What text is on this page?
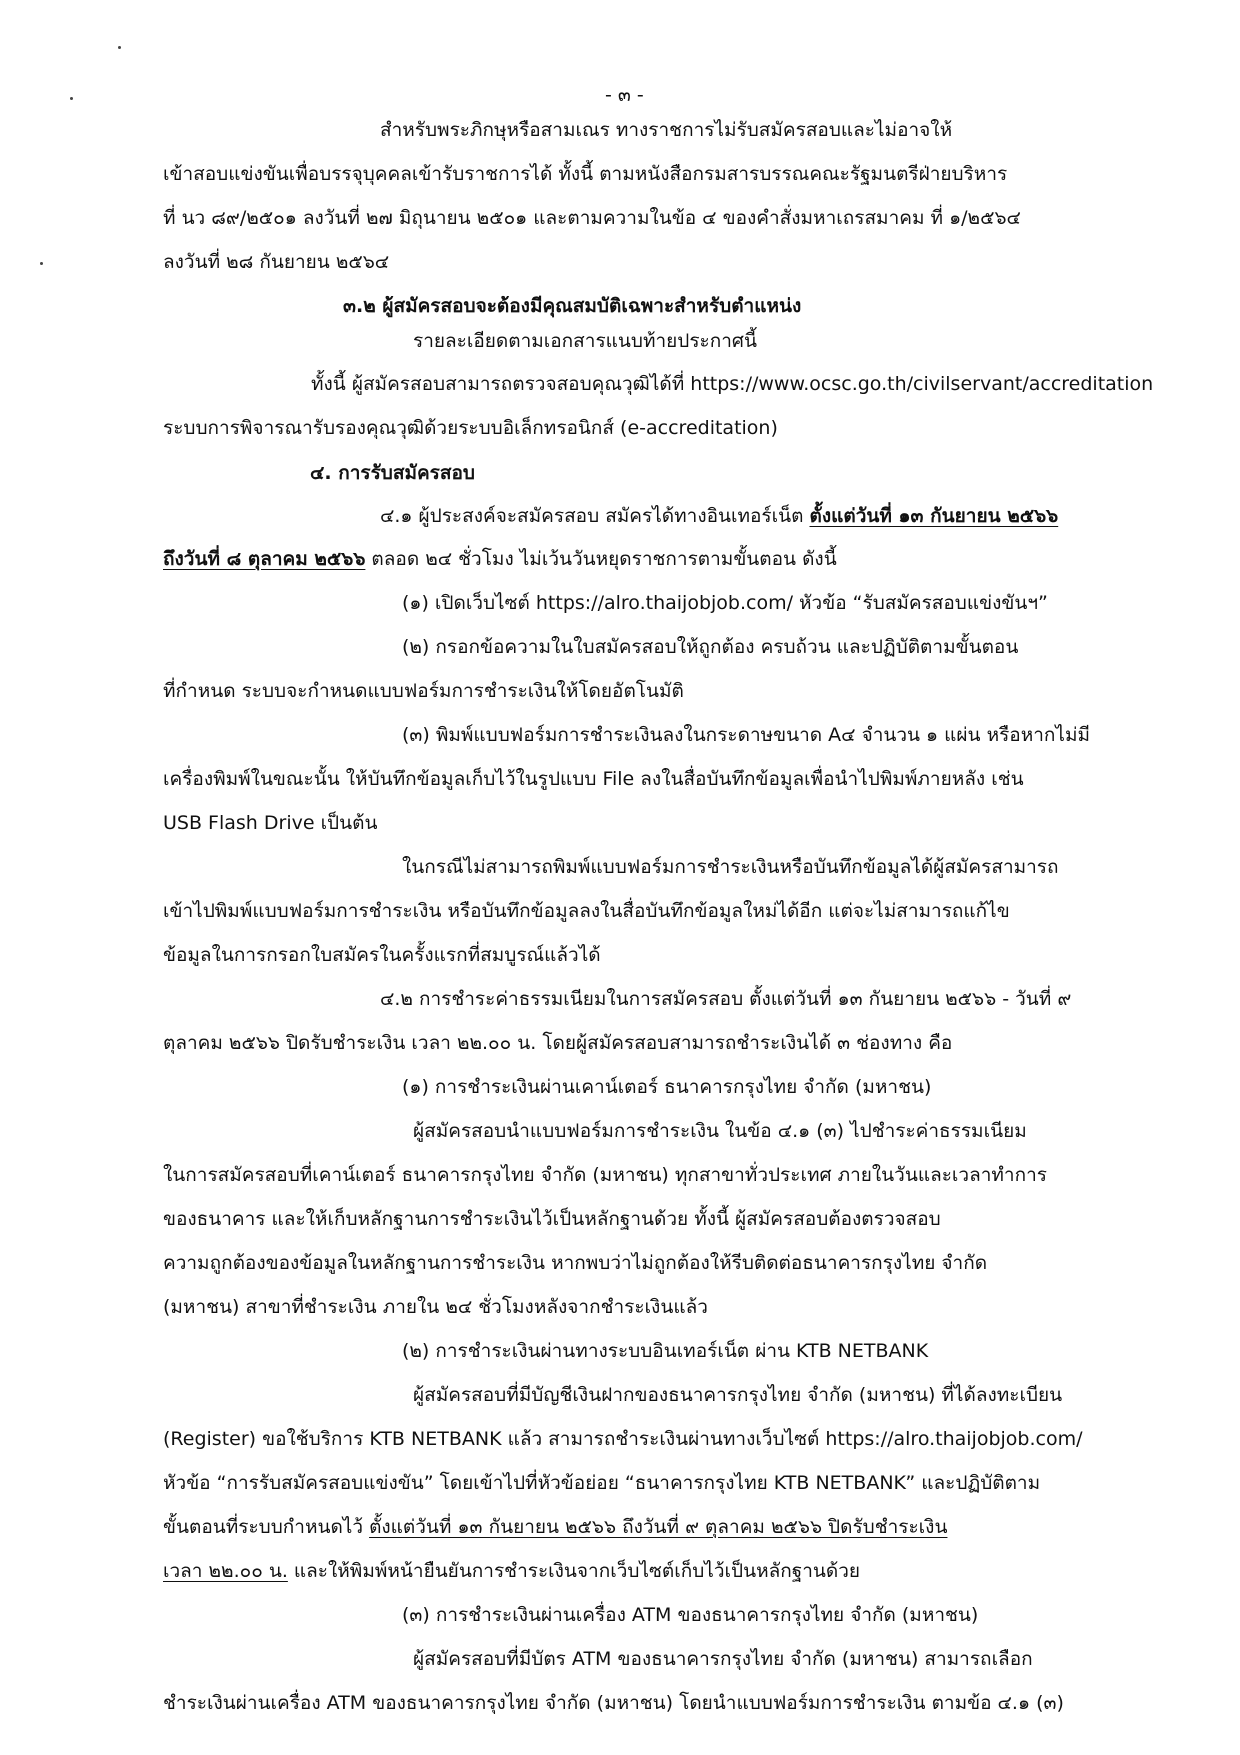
- ๓ -
สำหรับพระภิกษุหรือสามเณร ทางราชการไม่รับสมัครสอบและไม่อาจให้
เข้าสอบแข่งขันเพื่อบรรจุบุคคลเข้ารับราชการได้ ทั้งนี้ ตามหนังสือกรมสารบรรณคณะรัฐมนตรีฝ่ายบริหาร
ที่ นว ๘๙/๒๕๐๑ ลงวันที่ ๒๗ มิถุนายน ๒๕๐๑ และตามความในข้อ ๔ ของคำสั่งมหาเถรสมาคม ที่ ๑/๒๕๖๔
ลงวันที่ ๒๘ กันยายน ๒๕๖๔
๓.๒ ผู้สมัครสอบจะต้องมีคุณสมบัติเฉพาะสำหรับตำแหน่ง
รายละเอียดตามเอกสารแนบท้ายประกาศนี้
ทั้งนี้ ผู้สมัครสอบสามารถตรวจสอบคุณวุฒิได้ที่ https://www.ocsc.go.th/civilservant/accreditation
ระบบการพิจารณารับรองคุณวุฒิด้วยระบบอิเล็กทรอนิกส์ (e-accreditation)
๔. การรับสมัครสอบ
๔.๑ ผู้ประสงค์จะสมัครสอบ สมัครได้ทางอินเทอร์เน็ต ตั้งแต่วันที่ ๑๓ กันยายน ๒๕๖๖
ถึงวันที่ ๘ ตุลาคม ๒๕๖๖ ตลอด ๒๔ ชั่วโมง ไม่เว้นวันหยุดราชการตามขั้นตอน ดังนี้
(๑) เปิดเว็บไซต์ https://alro.thaijobjob.com/ หัวข้อ “รับสมัครสอบแข่งขันฯ”
(๒) กรอกข้อความในใบสมัครสอบให้ถูกต้อง ครบถ้วน และปฏิบัติตามขั้นตอน
ที่กำหนด ระบบจะกำหนดแบบฟอร์มการชำระเงินให้โดยอัตโนมัติ
(๓) พิมพ์แบบฟอร์มการชำระเงินลงในกระดาษขนาด A๔ จำนวน ๑ แผ่น หรือหากไม่มี
เครื่องพิมพ์ในขณะนั้น ให้บันทึกข้อมูลเก็บไว้ในรูปแบบ File ลงในสื่อบันทึกข้อมูลเพื่อนำไปพิมพ์ภายหลัง เช่น
USB Flash Drive เป็นต้น
ในกรณีไม่สามารถพิมพ์แบบฟอร์มการชำระเงินหรือบันทึกข้อมูลได้ผู้สมัครสามารถ
เข้าไปพิมพ์แบบฟอร์มการชำระเงิน หรือบันทึกข้อมูลลงในสื่อบันทึกข้อมูลใหม่ได้อีก แต่จะไม่สามารถแก้ไข
ข้อมูลในการกรอกใบสมัครในครั้งแรกที่สมบูรณ์แล้วได้
๔.๒ การชำระค่าธรรมเนียมในการสมัครสอบ ตั้งแต่วันที่ ๑๓ กันยายน ๒๕๖๖ - วันที่ ๙
ตุลาคม ๒๕๖๖ ปิดรับชำระเงิน เวลา ๒๒.๐๐ น. โดยผู้สมัครสอบสามารถชำระเงินได้ ๓ ช่องทาง คือ
(๑) การชำระเงินผ่านเคาน์เตอร์ ธนาคารกรุงไทย จำกัด (มหาชน)
ผู้สมัครสอบนำแบบฟอร์มการชำระเงิน ในข้อ ๔.๑ (๓) ไปชำระค่าธรรมเนียม
ในการสมัครสอบที่เคาน์เตอร์ ธนาคารกรุงไทย จำกัด (มหาชน) ทุกสาขาทั่วประเทศ ภายในวันและเวลาทำการ
ของธนาคาร และให้เก็บหลักฐานการชำระเงินไว้เป็นหลักฐานด้วย ทั้งนี้ ผู้สมัครสอบต้องตรวจสอบ
ความถูกต้องของข้อมูลในหลักฐานการชำระเงิน หากพบว่าไม่ถูกต้องให้รีบติดต่อธนาคารกรุงไทย จำกัด
(มหาชน) สาขาที่ชำระเงิน ภายใน ๒๔ ชั่วโมงหลังจากชำระเงินแล้ว
(๒) การชำระเงินผ่านทางระบบอินเทอร์เน็ต ผ่าน KTB NETBANK
ผู้สมัครสอบที่มีบัญชีเงินฝากของธนาคารกรุงไทย จำกัด (มหาชน) ที่ได้ลงทะเบียน
(Register) ขอใช้บริการ KTB NETBANK แล้ว สามารถชำระเงินผ่านทางเว็บไซต์ https://alro.thaijobjob.com/
หัวข้อ “การรับสมัครสอบแข่งขัน” โดยเข้าไปที่หัวข้อย่อย “ธนาคารกรุงไทย KTB NETBANK” และปฏิบัติตาม
ขั้นตอนที่ระบบกำหนดไว้ ตั้งแต่วันที่ ๑๓ กันยายน ๒๕๖๖ ถึงวันที่ ๙ ตุลาคม ๒๕๖๖ ปิดรับชำระเงิน
เวลา ๒๒.๐๐ น. และให้พิมพ์หน้ายืนยันการชำระเงินจากเว็บไซต์เก็บไว้เป็นหลักฐานด้วย
(๓) การชำระเงินผ่านเครื่อง ATM ของธนาคารกรุงไทย จำกัด (มหาชน)
ผู้สมัครสอบที่มีบัตร ATM ของธนาคารกรุงไทย จำกัด (มหาชน) สามารถเลือก
ชำระเงินผ่านเครื่อง ATM ของธนาคารกรุงไทย จำกัด (มหาชน) โดยนำแบบฟอร์มการชำระเงิน ตามข้อ ๔.๑ (๓)
